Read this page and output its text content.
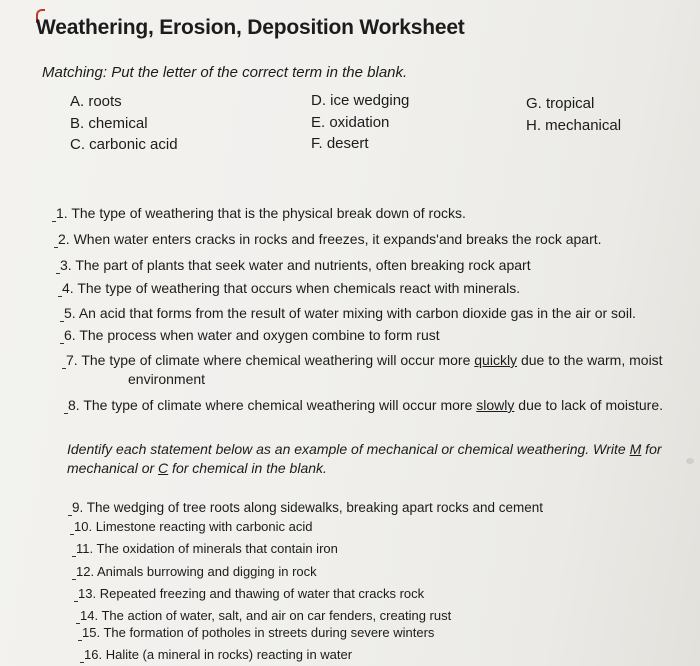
Weathering, Erosion, Deposition Worksheet
Matching: Put the letter of the correct term in the blank.
A. roots
B. chemical
C. carbonic acid
D. ice wedging
E. oxidation
F. desert
G. tropical
H. mechanical
1. The type of weathering that is the physical break down of rocks.
2. When water enters cracks in rocks and freezes, it expands'and breaks the rock apart.
3. The part of plants that seek water and nutrients, often breaking rock apart
4. The type of weathering that occurs when chemicals react with minerals.
5. An acid that forms from the result of water mixing with carbon dioxide gas in the air or soil.
6. The process when water and oxygen combine to form rust
7. The type of climate where chemical weathering will occur more quickly due to the warm, moist
environment
8. The type of climate where chemical weathering will occur more slowly due to lack of moisture.
Identify each statement below as an example of mechanical or chemical weathering. Write M for mechanical or C for chemical in the blank.
9. The wedging of tree roots along sidewalks, breaking apart rocks and cement
10. Limestone reacting with carbonic acid
11. The oxidation of minerals that contain iron
12. Animals burrowing and digging in rock
13. Repeated freezing and thawing of water that cracks rock
14. The action of water, salt, and air on car fenders, creating rust
15. The formation of potholes in streets during severe winters
16. Halite (a mineral in rocks) reacting in water
